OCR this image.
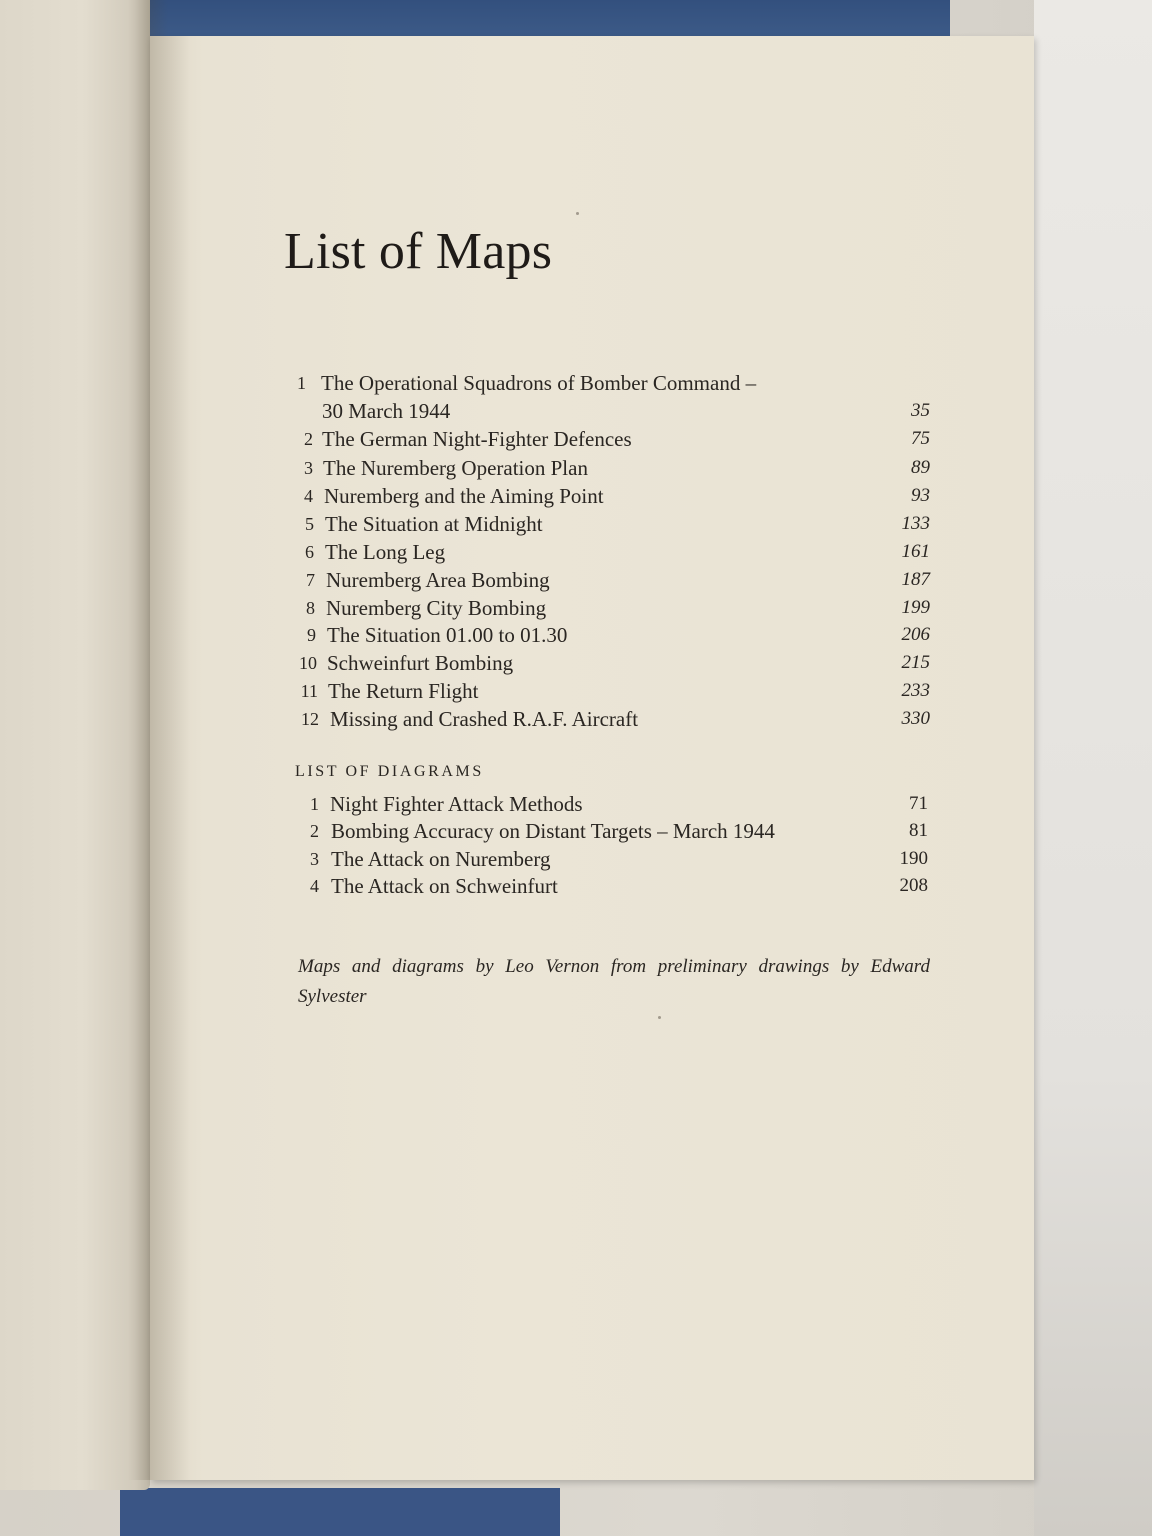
List of Maps
1 The Operational Squadrons of Bomber Command –
30 March 1944	35
2 The German Night-Fighter Defences	75
3 The Nuremberg Operation Plan	89
4 Nuremberg and the Aiming Point	93
5 The Situation at Midnight	133
6 The Long Leg	161
7 Nuremberg Area Bombing	187
8 Nuremberg City Bombing	199
9 The Situation 01.00 to 01.30	206
10 Schweinfurt Bombing	215
11 The Return Flight	233
12 Missing and Crashed R.A.F. Aircraft	330
LIST OF DIAGRAMS
1 Night Fighter Attack Methods	71
2 Bombing Accuracy on Distant Targets – March 1944	81
3 The Attack on Nuremberg	190
4 The Attack on Schweinfurt	208
Maps and diagrams by Leo Vernon from preliminary drawings by Edward Sylvester
